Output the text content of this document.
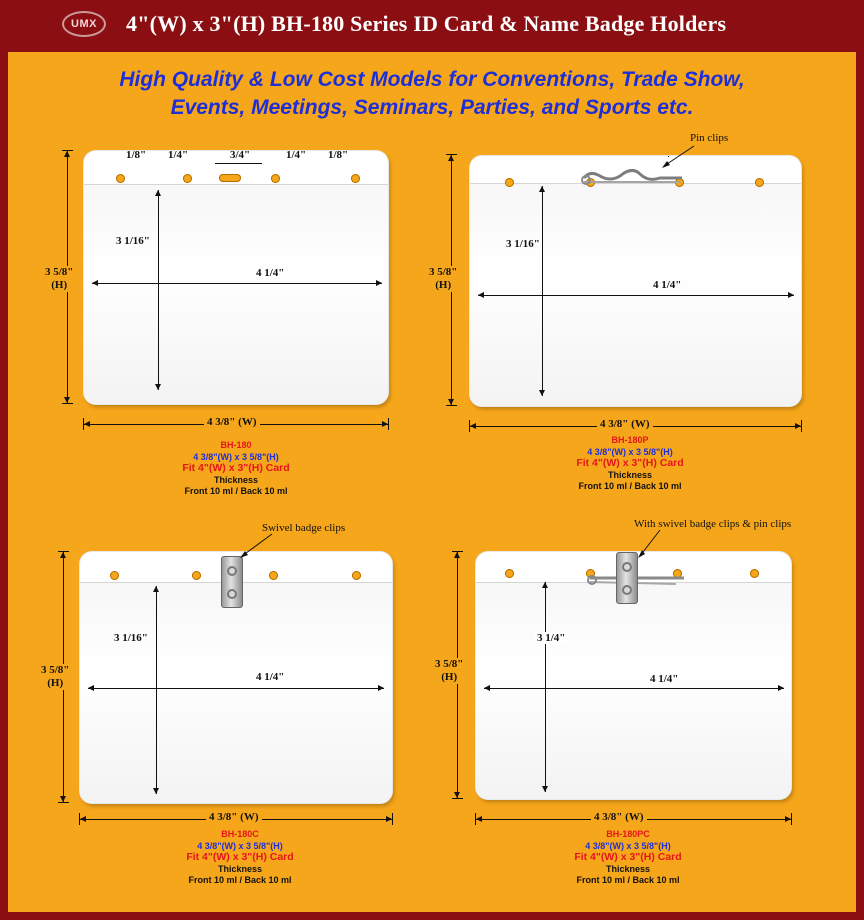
UMX	4"(W) x 3"(H) BH-180 Series ID Card & Name Badge Holders
High Quality & Low Cost Models for Conventions, Trade Show,
Events, Meetings, Seminars, Parties, and Sports etc.
3 5/8"
(H)
1/8" 1/4"	3/4"	1/4" 1/8"
3 1/16"
4 1/4"
4 3/8" (W)
BH-180
4 3/8"(W) x 3 5/8"(H)
Fit 4"(W) x 3"(H) Card
Thickness
Front 10 ml / Back 10 ml
3 5/8"
(H)
Pin clips
3 1/16"
4 1/4"
4 3/8" (W)
BH-180P
4 3/8"(W) x 3 5/8"(H)
Fit 4"(W) x 3"(H) Card
Thickness
Front 10 ml / Back 10 ml
3 5/8"
(H)
Swivel badge clips
3 1/16"
4 1/4"
4 3/8" (W)
BH-180C
4 3/8"(W) x 3 5/8"(H)
Fit 4"(W) x 3"(H) Card
Thickness
Front 10 ml / Back 10 ml
3 5/8"
(H)
With swivel badge clips & pin clips
3 1/4"
4 1/4"
4 3/8" (W)
BH-180PC
4 3/8"(W) x 3 5/8"(H)
Fit 4"(W) x 3"(H) Card
Thickness
Front 10 ml / Back 10 ml
